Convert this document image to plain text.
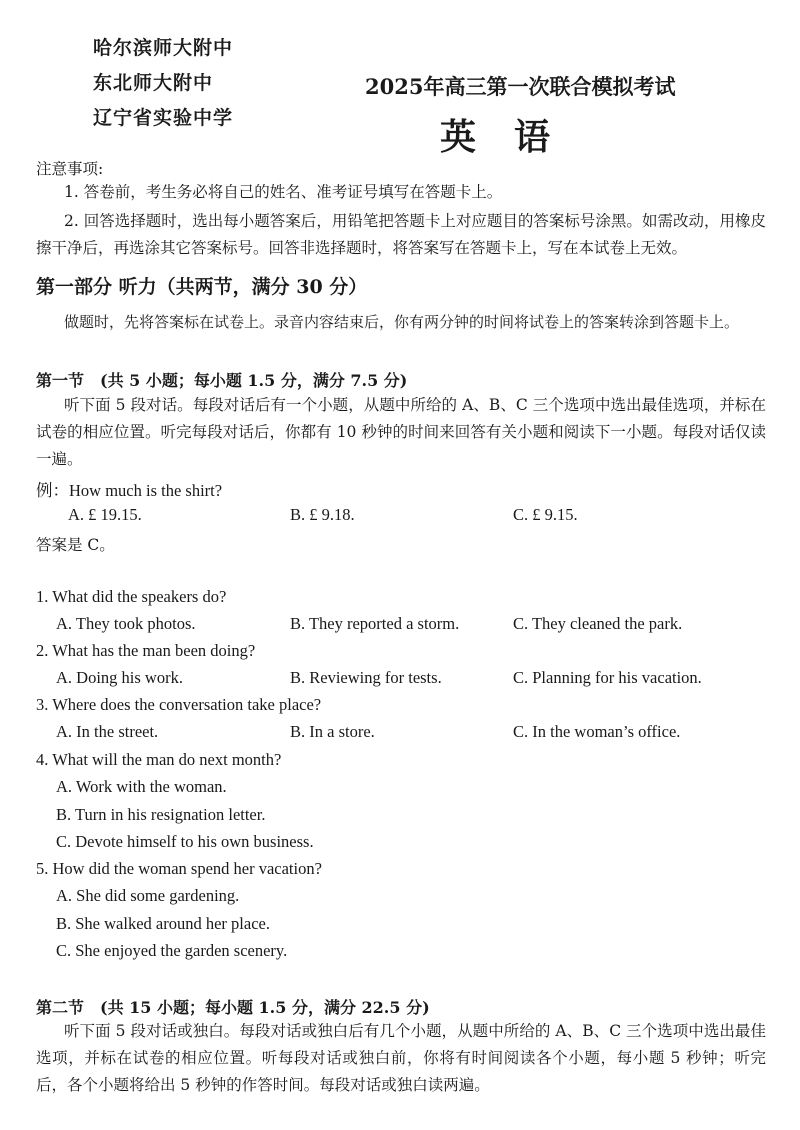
哈尔滨师大附中
东北师大附中
辽宁省实验中学
2025年高三第一次联合模拟考试
英语
注意事项:
1. 答卷前，考生务必将自己的姓名、准考证号填写在答题卡上。
2. 回答选择题时，选出每小题答案后，用铅笔把答题卡上对应题目的答案标号涂黑。如需改动，用橡皮擦干净后，再选涂其它答案标号。回答非选择题时，将答案写在答题卡上，写在本试卷上无效。
第一部分 听力（共两节，满分 30 分）
做题时，先将答案标在试卷上。录音内容结束后，你有两分钟的时间将试卷上的答案转涂到答题卡上。
第一节　(共 5 小题；每小题 1.5 分，满分 7.5 分)
听下面 5 段对话。每段对话后有一个小题，从题中所给的 A、B、C 三个选项中选出最佳选项，并标在试卷的相应位置。听完每段对话后，你都有 10 秒钟的时间来回答有关小题和阅读下一小题。每段对话仅读一遍。
例：How much is the shirt?
A. £ 19.15.	B. £ 9.18.	C. £ 9.15.
答案是 C。
1. What did the speakers do?
A. They took photos.	B. They reported a storm.	C. They cleaned the park.
2. What has the man been doing?
A. Doing his work.	B. Reviewing for tests.	C. Planning for his vacation.
3. Where does the conversation take place?
A. In the street.	B. In a store.	C. In the woman’s office.
4. What will the man do next month?
A. Work with the woman.
B. Turn in his resignation letter.
C. Devote himself to his own business.
5. How did the woman spend her vacation?
A. She did some gardening.
B. She walked around her place.
C. She enjoyed the garden scenery.
第二节　(共 15 小题；每小题 1.5 分，满分 22.5 分)
听下面 5 段对话或独白。每段对话或独白后有几个小题，从题中所给的 A、B、C 三个选项中选出最佳选项，并标在试卷的相应位置。听每段对话或独白前，你将有时间阅读各个小题，每小题 5 秒钟；听完后，各个小题将给出 5 秒钟的作答时间。每段对话或独白读两遍。
